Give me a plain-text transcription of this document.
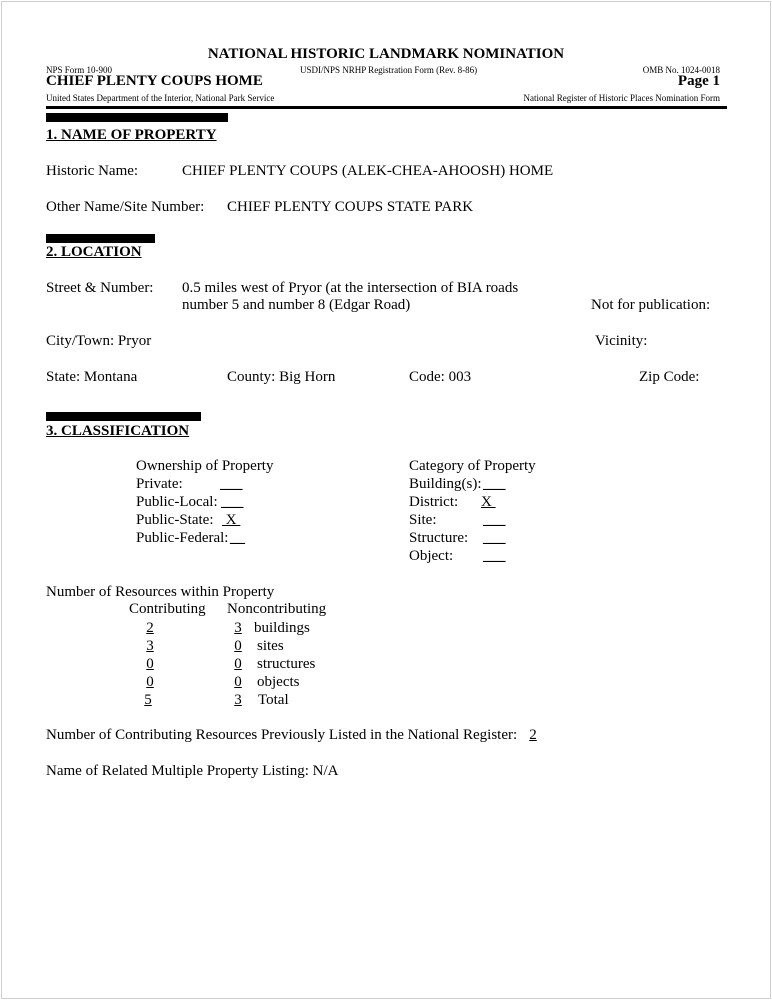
NATIONAL HISTORIC LANDMARK NOMINATION
NPS Form 10-900	USDI/NPS NRHP Registration Form (Rev. 8-86)	OMB No. 1024-0018
CHIEF PLENTY COUPS HOME	Page 1
United States Department of the Interior, National Park Service	National Register of Historic Places Nomination Form
1. NAME OF PROPERTY
Historic Name:	CHIEF PLENTY COUPS (ALEK-CHEA-AHOOSH) HOME
Other Name/Site Number: CHIEF PLENTY COUPS STATE PARK
2. LOCATION
Street & Number: 0.5 miles west of Pryor (at the intersection of BIA roads
number 5 and number 8 (Edgar Road)	Not for publication:
City/Town: Pryor	Vicinity:
State: Montana	County: Big Horn	Code: 003	Zip Code:
3. CLASSIFICATION
Ownership of Property
Private: ___
Public-Local: ___
Public-State: X
Public-Federal: __
Category of Property
Building(s): ___
District: X
Site:	___
Structure: ___
Object: ___
Number of Resources within Property
Contributing Noncontributing
2	3 buildings
3	0	sites
0	0	structures
0	0	objects
5	3	Total
Number of Contributing Resources Previously Listed in the National Register: 2
Name of Related Multiple Property Listing: N/A
